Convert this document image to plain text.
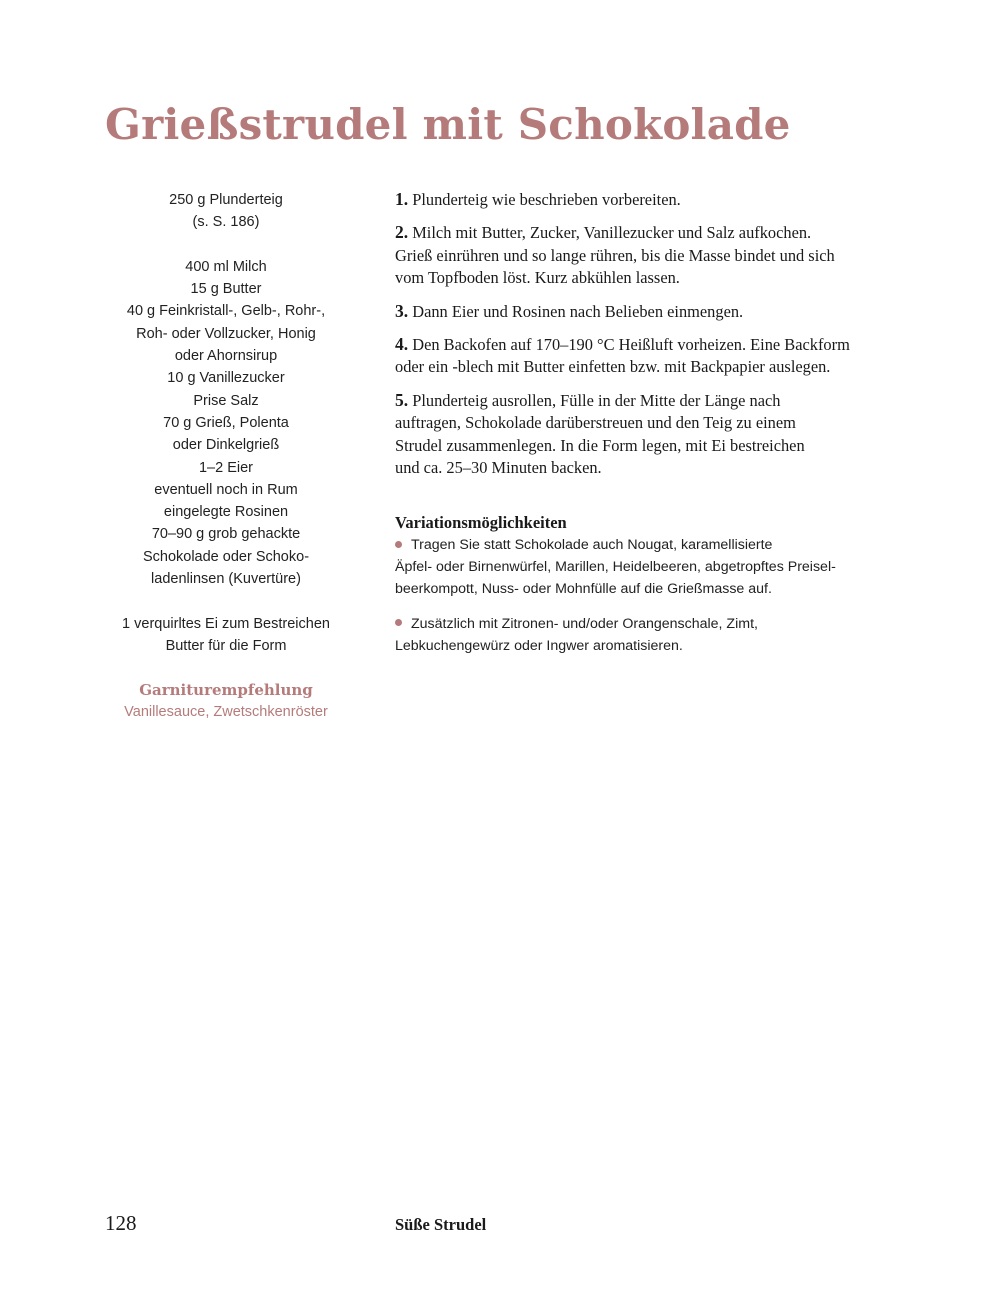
Grießstrudel mit Schokolade
250 g Plunderteig
(s. S. 186)
400 ml Milch
15 g Butter
40 g Feinkristall-, Gelb-, Rohr-,
Roh- oder Vollzucker, Honig
oder Ahornsirup
10 g Vanillezucker
Prise Salz
70 g Grieß, Polenta
oder Dinkelgrieß
1–2 Eier
eventuell noch in Rum
eingelegte Rosinen
70–90 g grob gehackte
Schokolade oder Schoko-
ladenlinsen (Kuvertüre)
1 verquirltes Ei zum Bestreichen
Butter für die Form
Garniturempfehlung
Vanillesauce, Zwetschkenröster
1. Plunderteig wie beschrieben vorbereiten.
2. Milch mit Butter, Zucker, Vanillezucker und Salz aufkochen.
Grieß einrühren und so lange rühren, bis die Masse bindet und sich
vom Topfboden löst. Kurz abkühlen lassen.
3. Dann Eier und Rosinen nach Belieben einmengen.
4. Den Backofen auf 170–190 °C Heißluft vorheizen. Eine Backform
oder ein -blech mit Butter einfetten bzw. mit Backpapier auslegen.
5. Plunderteig ausrollen, Fülle in der Mitte der Länge nach
auftragen, Schokolade darüberstreuen und den Teig zu einem
Strudel zusammenlegen. In die Form legen, mit Ei bestreichen
und ca. 25–30 Minuten backen.
Variationsmöglichkeiten
Tragen Sie statt Schokolade auch Nougat, karamellisierte
Äpfel- oder Birnenwürfel, Marillen, Heidelbeeren, abgetropftes Preisel-
beerkompott, Nuss- oder Mohnfülle auf die Grießmasse auf.
Zusätzlich mit Zitronen- und/oder Orangenschale, Zimt,
Lebkuchengewürz oder Ingwer aromatisieren.
128	Süße Strudel
